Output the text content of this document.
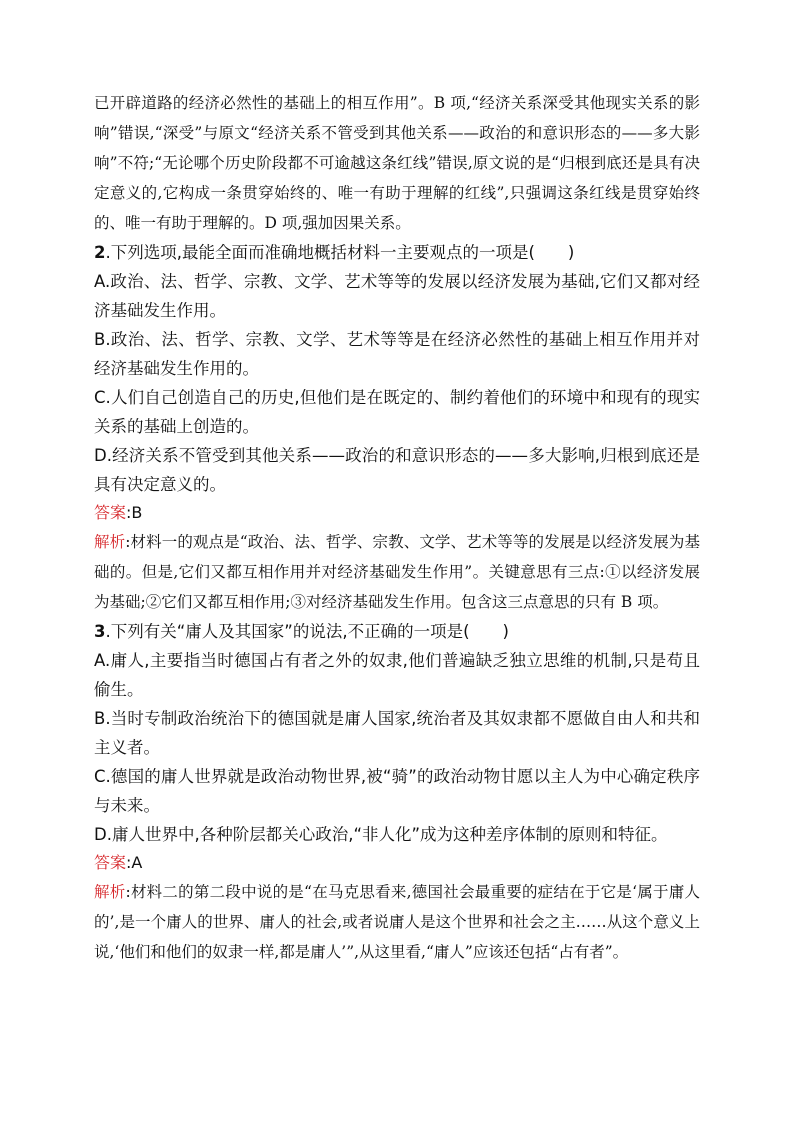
已开辟道路的经济必然性的基础上的相互作用”。B 项,“经济关系深受其他现实关系的影响”错误,“深受”与原文“经济关系不管受到其他关系——政治的和意识形态的——多大影响”不符;“无论哪个历史阶段都不可逾越这条红线”错误,原文说的是“归根到底还是具有决定意义的,它构成一条贯穿始终的、唯一有助于理解的红线”,只强调这条红线是贯穿始终的、唯一有助于理解的。D 项,强加因果关系。

2.下列选项,最能全面而准确地概括材料一主要观点的一项是(　　)

A.政治、法、哲学、宗教、文学、艺术等等的发展以经济发展为基础,它们又都对经济基础发生作用。

B.政治、法、哲学、宗教、文学、艺术等等是在经济必然性的基础上相互作用并对经济基础发生作用的。

C.人们自己创造自己的历史,但他们是在既定的、制约着他们的环境中和现有的现实关系的基础上创造的。

D.经济关系不管受到其他关系——政治的和意识形态的——多大影响,归根到底还是具有决定意义的。

答案:B

解析:材料一的观点是“政治、法、哲学、宗教、文学、艺术等等的发展是以经济发展为基础的。但是,它们又都互相作用并对经济基础发生作用”。关键意思有三点:①以经济发展为基础;②它们又都互相作用;③对经济基础发生作用。包含这三点意思的只有 B 项。

3.下列有关“庸人及其国家”的说法,不正确的一项是(　　)

A.庸人,主要指当时德国占有者之外的奴隶,他们普遍缺乏独立思维的机制,只是苟且偷生。

B.当时专制政治统治下的德国就是庸人国家,统治者及其奴隶都不愿做自由人和共和主义者。

C.德国的庸人世界就是政治动物世界,被“骑”的政治动物甘愿以主人为中心确定秩序与未来。

D.庸人世界中,各种阶层都关心政治,“非人化”成为这种差序体制的原则和特征。

答案:A

解析:材料二的第二段中说的是“在马克思看来,德国社会最重要的症结在于它是‘属于庸人的’,是一个庸人的世界、庸人的社会,或者说庸人是这个世界和社会之主……从这个意义上说,‘他们和他们的奴隶一样,都是庸人’”,从这里看,“庸人”应该还包括“占有者”。
